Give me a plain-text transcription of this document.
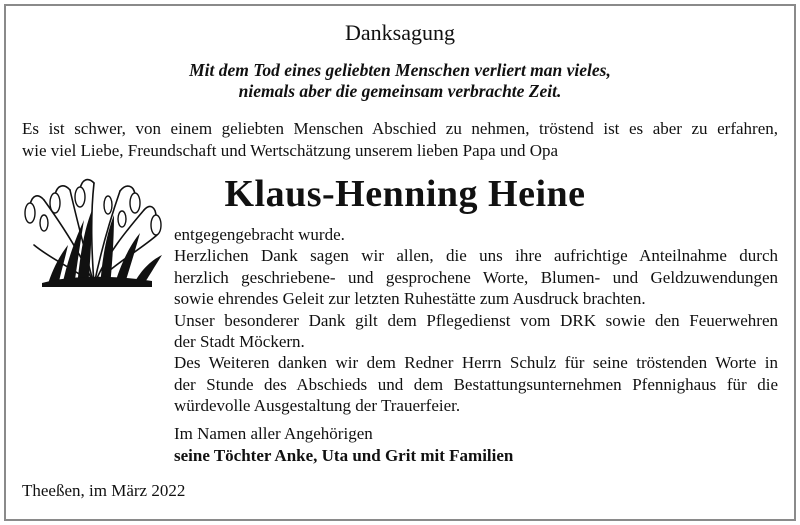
Danksagung
Mit dem Tod eines geliebten Menschen verliert man vieles,
niemals aber die gemeinsam verbrachte Zeit.
Es ist schwer, von einem geliebten Menschen Abschied zu nehmen, tröstend ist es aber zu erfahren,
wie viel Liebe, Freundschaft und Wertschätzung unserem lieben Papa und Opa
Klaus-Henning Heine
entgegengebracht wurde.
Herzlichen Dank sagen wir allen, die uns ihre aufrichtige Anteilnahme durch
herzlich geschriebene- und gesprochene Worte, Blumen- und Geldzuwendungen
sowie ehrendes Geleit zur letzten Ruhestätte zum Ausdruck brachten.
Unser besonderer Dank gilt dem Pflegedienst vom DRK sowie den Feuerwehren
der Stadt Möckern.
Des Weiteren danken wir dem Redner Herrn Schulz für seine tröstenden Worte in
der Stunde des Abschieds und dem Bestattungsunternehmen Pfennighaus für die
würdevolle Ausgestaltung der Trauerfeier.
Im Namen aller Angehörigen
seine Töchter Anke, Uta und Grit mit Familien
Theeßen, im März 2022
